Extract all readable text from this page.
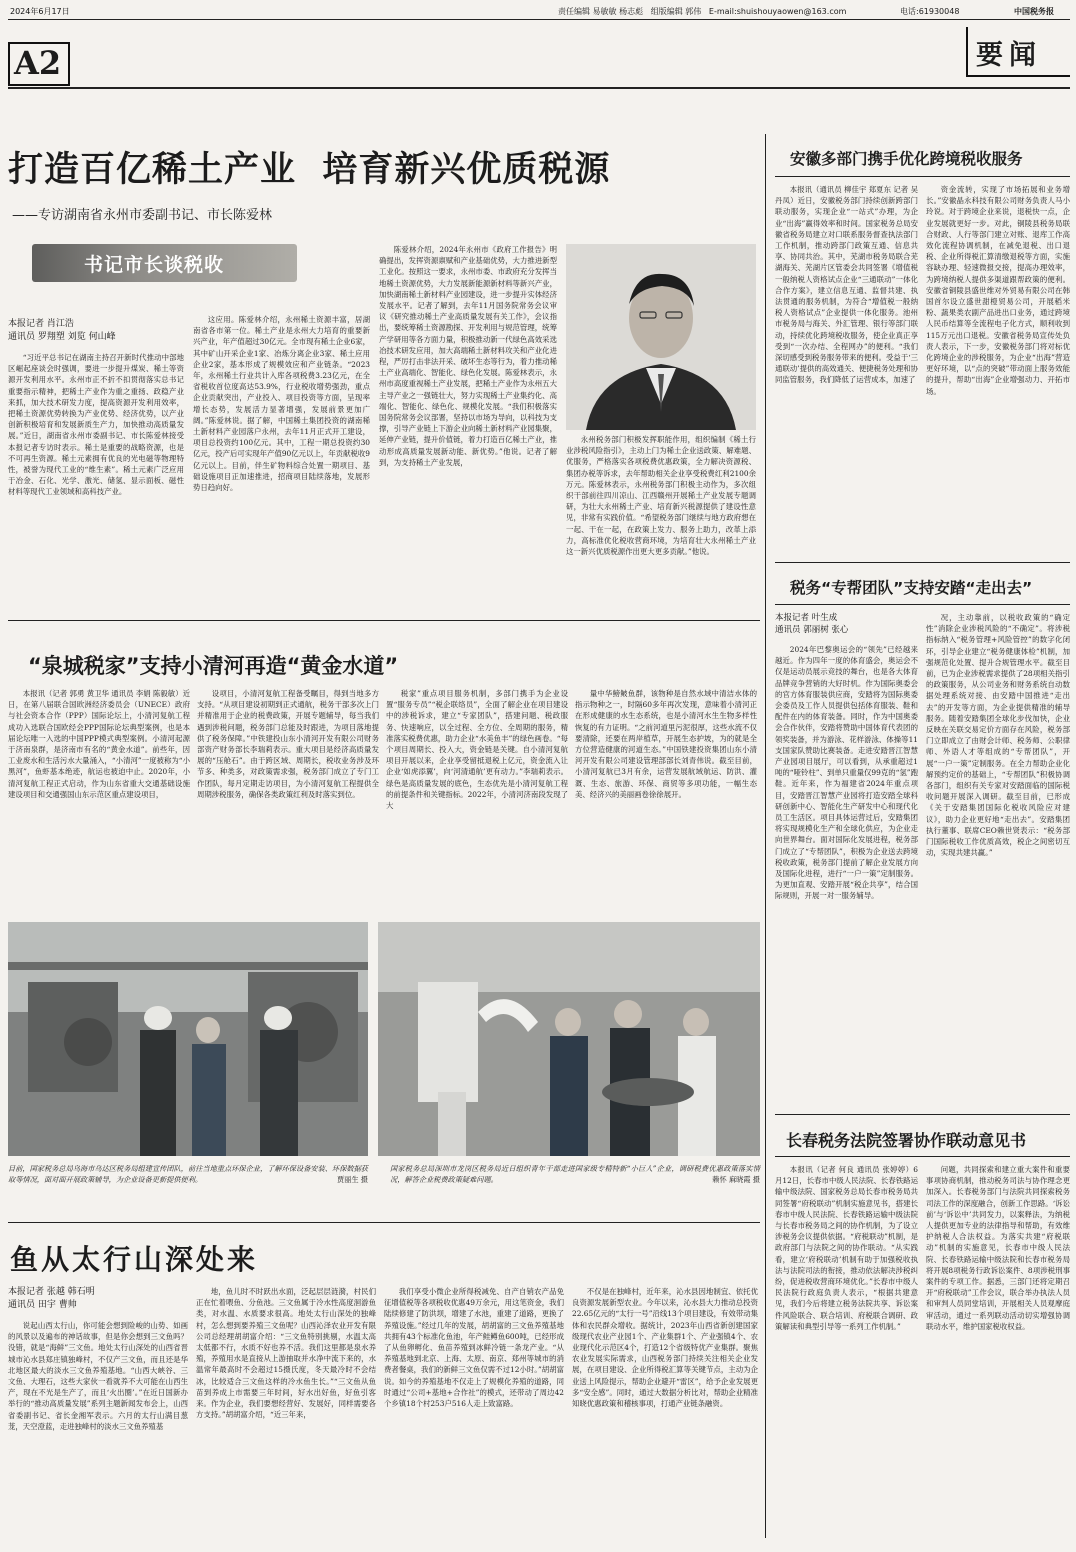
2024年6月17日	责任编辑 易敏敏 杨志彪 组版编辑 郭伟 E-mail:shuishouyaowen@163.com	电话:61930048	中国税务报
A2	要闻
打造百亿稀土产业  培育新兴优质税源
——专访湖南省永州市委副书记、市长陈爱林
书记市长谈税收
本报记者 肖江浩
通讯员 罗翔塑 刘览 何山峰

“习近平总书记在湖南主持召开新时代推动中部地区崛起座谈会时强调，要进一步提升煤炭、稀土等资源开发利用水平。永州市正不折不扣贯彻落实总书记重要指示精神，把稀土产业作为重之重扬、政稳产业来抓，加大技术研发力度，提高资源开发利用效率，把稀土资源优势转换为产业优势、经济优势，以产业创新积极培育和发展新质生产力，加快推动高质量发展。”近日，湖南省永州市委副书记、市长陈爱林接受本报记者专访时表示。稀土是重要的战略资源，也是不可再生资源。稀土元素拥有优良的光电磁等物理特性，被誉为现代工业的“维生素”。稀土元素广泛应用于冶金、石化、光学、激光、储氢、显示面板、磁性材料等现代工业领域和高科技产业。

这应用。陈爱林介绍，永州稀土资源丰富，居湖南省各市第一位。稀土产业是永州大力培育的重要新兴产业，年产值超过30亿元。全市现有稀土企业6家，其中矿山开采企业1家、冶炼分离企业3家、稀土应用企业2家，基本形成了规模效应和产业链条。“2023年，永州稀土行业共计入库各项税费3.23亿元，在全省税收首位度高达53.9%，行业税收增势强劲，重点企业贡献突出，产业投入、项目投资等方面，呈现率增长态势，发展活力显著增强，发展前景更加广阔。”陈爱林说。据了解，中国稀土集团投资的湖南稀土新材料产业园落户永州，去年11月正式开工建设，项目总投资约100亿元。其中，工程一期总投资约30亿元，投产后可实现年产值90亿元以上，年贡献税收9亿元以上。目前，伴生矿物料综合处置一期项目、基础设施项目正加速推进，招商项目陆续落地，发展形势日趋向好。

陈爱林介绍，2024年永州市《政府工作报告》明确提出，发挥资源禀赋和产业基础优势，大力推进新型工业化。按照这一要求，永州市委、市政府充分发挥当地稀土资源优势，大力发展新能源新材料等新兴产业，加快湖南稀土新材料产业园建设，进一步提升实体经济发展水平。记者了解到，去年11月国务院常务会议审议《研究推动稀土产业高质量发展有关工作》，会议指出，要统筹稀土资源勘探、开发利用与规范管理，统筹产学研用等各方面力量，积极推动新一代绿色高效采选冶技术研发应用，加大高端稀土新材料攻关和产业化进程，严厉打击非法开采、破坏生态等行为，着力推动稀土产业高端化、智能化、绿色化发展。陈爱林表示，永州市高度重视稀土产业发展，把稀土产业作为永州五大主导产业之一强链壮大，努力实现稀土产业集约化、高端化、智能化、绿色化、规模化发展。“我们积极落实国务院常务会议部署，坚持以市场为导向，以科技为支撑，引导产业链上下游企业向稀土新材料产业园集聚，延伸产业链，提升价值链，着力打造百亿稀土产业，推动形成高质量发展新动能、新优势。”他说。记者了解到，为支持稀土产业发展，

永州税务部门积极发挥职能作用，组织编制《稀土行业涉税风险指引》，主动上门为稀土企业送政策、解难题、优服务，严格落实各项税费优惠政策，全力解决资源税、集团办税等诉求，去年帮助相关企业享受税费红利2100余万元。陈爱林表示，永州税务部门积极主动作为，多次组织干部前往四川凉山、江西赣州开展稀土产业发展专题调研，为壮大永州稀土产业、培育新兴税源提供了建设性意见，非常有实践价值。“希望税务部门继续与地方政府想在一起、干在一起，在政策上发力、服务上助力，改革上添力，高标准优化税收营商环境，为培育壮大永州稀土产业这一新兴优质税源作出更大更多贡献。”他说。

安徽多部门携手优化跨境税收服务

本报讯（通讯员 柳佳宇 郑夏东 记者 吴丹凤）近日，安徽税务部门持续创新跨部门联动服务，实现企业“一站式”办理，为企业“出海”赢得效率和时间。国家税务总局安徽省税务局建立对口联系服务督查执法部门工作机制，推动跨部门政策互通、信息共享、协同共治。其中，芜湖市税务局联合芜湖海关、芜湖片区管委会共同签署《增值税一般纳税人资格试点企业“三通联动”一体化合作方案》，建立信息互通、监督共建、执法贯通的服务机制，为符合“增值税一般纳税人资格试点”企业提供一体化服务。池州市税务局与海关、外汇管理、银行等部门联动，持续优化跨境税收服务，使企业真正享受到“一次办结、全程网办”的便利。“我们深切感受到税务服务带来的便利。受益于‘三通联动’提供的高效通关、便捷税务处理和协同监管服务，我们降低了运营成本，加速了

资金流转，实现了市场拓展和业务增长。”安徽晶永科技有限公司财务负责人马小玲说。对于跨境企业来说，退税快一点，企业发展就更好一步。对此，铜陵县税务局联合财政、人行等部门建立对账、退库工作高效化流程协调机制，在减免退税、出口退税、企业所得税汇算清缴退税等方面，实施容缺办理、轻速微报交接，提高办理效率，为跨境纳税人提供多渠道跟帮政策的便利。安徽省铜陵县盛世维对外贸易有限公司在韩国首尔设立盛世甜橙贸易公司，开展稻米粉、蔬果类农副产品进出口业务，通过跨境人民币结算等全流程电子化方式，顺利收到115万元出口退税。安徽省税务局宣传处负责人表示，下一步，安徽税务部门将对标优化跨境企业的涉税服务，为企业“出海”营造更好环境，以“点的突破”带动面上服务效能的提升，帮助“出海”企业增强动力、开拓市场。

税务“专帮团队”支持安踏“走出去”
本报记者 叶生成
通讯员 郭丽树 张心

2024年巴黎奥运会的“领先”已经越来越近。作为四年一度的体育盛会，奥运会不仅是运动员展示竞技的舞台，也是各大体育品牌竞争营销的大好时机。作为国际奥委会的官方体育服装供应商，安踏将为国际奥委会委员及工作人员提供包括体育服装、鞋和配件在内的体育装备。同时，作为中国奥委会合作伙伴，安踏将赞助中国体育代表团的领奖装备，并为游泳、花样游泳、体操等11支国家队赞助比赛装备。走进安踏晋江智慧产业园项目展厅，可以看到，从承重超过1吨的“哑铃柱”、到单只重量仅99克的“氢”跑鞋。近年来，作为福建省2024年重点项目，安踏晋江智慧产业园将打造安踏全球科研创新中心、智能化生产研发中心和现代化员工生活区。项目具体运营过后，安踏集团将实现规模化生产和全球化供应，为企业走向世界舞台。面对国际化发展进程，税务部门成立了“专帮团队”，积极为企业送去跨境税收政策，税务部门提前了解企业发展方向及国际化进程，进行“一户一策”定制服务。为更加直观、安踏开展“税企共享”，结合国际规则，开展一对一服务辅导。

况，主动靠前，以税收政策的“确定性”消除企业涉税风险的“不确定”。将涉税指标纳入“税务管理+风险管控”的数字化闭环，引导企业建立“税务健康体检”机制，加强规范化处置、提升合规管理水平。截至目前，已为企业涉税需求提供了28项相关指引的政策服务，从公司业务和财务系统自动数据处理系统对接、由安踏中国推进“走出去”的开发等方面，为企业提供精准的辅导服务。随着安踏集团全球化步伐加快，企业反映在关联交易定价方面存在风险，税务部门立即成立了由财会计师、税务师、公职律师、外语人才等组成的“专帮团队”，开展“一户一策”定制服务。在全力帮助企业化解预约定价的基础上，“专帮团队”积极协调各部门，组织有关专家对安踏面临的国际税收问题开展深入调研。截至目前，已形成《关于安踏集团国际化税收风险应对建议》，助力企业更好地“走出去”。安踏集团执行董事、联席CEO赖世贤表示：“税务部门国际税收工作优质高效，税企之间密切互动，实现共建共赢。”

长春税务法院签署协作联动意见书

本报讯（记者 何良 通讯员 张婷婷）6月12日，长春市中级人民法院、长春铁路运输中级法院、国家税务总局长春市税务局共同签署“府税联动”机制实施意见书，搭建长春市中级人民法院、长春铁路运输中级法院与长春市税务局之间的协作机制，为了设立涉税务会议提供依据。“府税联动”机制，是政府部门与法院之间的协作联动。“从实践看，建立‘府税联动’机制有助于加强税收执法与法院司法的衔接，推动依法解决涉税纠纷，促进税收营商环境优化。”长春市中级人民法院行政庭负责人表示，“根据共建意见，我们今后将建立税务法院共享、诉讼案件风险联合、联合培训、府税联合调研、政策解读和典型引导等一系列工作机制。”

问题，共同探索和建立重大案件和重要事项协商机制，推动税务司法与协作理念更加深入。长春税务部门与法院共同探索税务司法工作的深度融合，创新工作思路。‘诉讼前’与‘诉讼中’共同发力，以案释法，为纳税人提供更加专业的法律指导和帮助，有效维护纳税人合法权益。为落实共建“府税联动”机制的实施意见，长春市中级人民法院、长春铁路运输中级法院和长春市税务局将开展8项税务行政诉讼案件、8项涉税刑事案件的专项工作。据悉，三部门还将定期召开“府税联动”工作会议，联合举办执法人员和审判人员同堂培训，开展相关人员观摩庭审活动，通过一系列联动活动切实增强协调联动水平，维护国家税收权益。

“泉城税家”支持小清河再造“黄金水道”

本报讯（记者 郭勇 黄卫华 通讯员 李娟 陈毅敏）近日，在第八届联合国欧洲经济委员会（UNECE）政府与社会资本合作（PPP）国际论坛上，小清河复航工程成功入选联合国欧经会PPP国际论坛典型案例，也是本届论坛唯一入选的中国PPP模式典型案例。小清河起源于济南泉群，是济南市有名的“黄金水道”。前些年，因工业废水和生活污水大量涌入，“小清河”一度被称为“小黑河”，鱼虾基本绝迹，航运也被迫中止。2020年，小清河复航工程正式启动，作为山东省重大交通基础设施建设项目和交通强国山东示范区重点建设项目，

设项目，小清河复航工程备受瞩目，得到当地多方支持。“从项目建设初期到正式通航，税务干部多次上门并精准用于企业的税费政策，开展专题辅导，每当我们遇到涉税问题，税务部门总能及时跟进，为项目落地提供了税务保障。”中铁建投山东小清河开发有限公司财务部资产财务部长李瑞莉表示。重大项目是经济高质量发展的“压舱石”。由于跨区域、周期长，税收业务涉及环节多、种类多，对政策需求强，税务部门成立了专门工作团队，每月定期走访项目，为小清河复航工程提供全周期涉税服务，确保各类政策红利及时落实到位。

税家”重点项目服务机制，多部门携手为企业设置“服务专员”“税企联络员”，全面了解企业在项目建设中的涉税诉求，建立“专家团队”，搭建问题、税政服务、快速响应，以全过程、全方位、全周期的服务，精准落实税费优惠，助力企业“水美鱼丰”的绿色画卷。“每个项目周期长、投入大，资金链是关键。自小清河复航项目开展以来，企业享受留抵退税上亿元，资金流入让企业‘如虎添翼’，向‘河清通航’更有动力。”李瑞莉表示。绿色是高质量发展的底色，生态优先是小清河复航工程的前提条件和关键指标。2022年，小清河济南段发现了大

量中华鳑鲏鱼群，该物种是自然水域中清洁水体的指示物种之一，时隔60多年再次发现，意味着小清河正在形成健康的水生态系统，也是小清河水生生物多样性恢复的有力证明。“之前河道里污泥很厚，这些水流不仅要清除，还要在两岸植草，开展生态护坡，为的就是全方位营造健康的河道生态。”中国铁建投资集团山东小清河开发有限公司建设管理部部长刘青伟说。截至目前，小清河复航已3月有余，运营发展航域航运、防洪、灌溉、生态、旅游、环保、商贸等多项功能，一幅生态美、经济兴的美丽画卷徐徐展开。

目前，国家税务总局乌海市乌达区税务局组建宣传团队，前往当地重点环保企业，了解环保设备安装、环保数据获取等情况，面对面开展政策辅导，为企业设备更新提供便利。	贾丽生 摄
国家税务总局深圳市龙岗区税务局近日组织青年干部走进国家级专精特新“小巨人”企业，调研税费优惠政策落实情况，解答企业税费政策疑难问题。	赖怀 麻晓霞 摄
鱼从太行山深处来
本报记者 张越 韩石明
通讯员 田宇 曹帅

说起山西太行山，你可能会想到险峻的山势、如画的风景以及遍布的神话故事，但是你会想到三文鱼吗？没错，就是“海鲜”三文鱼。地处太行山深处的山西省晋城市沁水县郑庄镇独峰村，不仅产三文鱼，而且还是华北地区最大的淡水三文鱼养殖基地。“山西大峡谷、三文鱼、大理石，这些大家伙一看就养不大可能在山西生产，现在不光是生产了，而且‘火出圈’。”在近日国新办举行的“推动高质量发展”系列主题新闻发布会上，山西省委副书记、省长金湘军表示。六月的太行山满目葱茏，天空澄蓝，走进独峰村的淡水三文鱼养殖基

地，鱼儿时不时跃出水面，泛起层层涟漪，村民们正在忙着喂鱼、分鱼池。三文鱼属于冷水性高度洄游鱼类，对水温、水质要求很高。地处太行山深处的独峰村，怎么想到要养殖三文鱼呢？山西沁泽农业开发有限公司总经理胡胡富介绍：“三文鱼特别挑剔，水温太高太低都不行，水质不好也养不活。我们这里都是泉水养殖，养殖用水是直接从上游抽取并水净中流下来的，水温常年最高时不会超过15摄氏度，冬天最冷时不会结冰，比较适合三文鱼这样的冷水鱼生长。”“三文鱼从鱼苗到养成上市需要三年时间，好水出好鱼，好鱼引客来。作为企业，我们要想经营好、发展好，同样需要各方支持。”胡胡富介绍，“近三年来，

我们享受小微企业所得税减免、自产自销农产品免征增值税等各项税收优惠49万余元，用这笔资金，我们陆续修建了防洪坝，增建了水池，重建了道路，更换了养殖设施。”经过几年的发展，胡胡富的三文鱼养殖基地共拥有43个标准化鱼池，年产鲑鳟鱼600吨，已经形成了从鱼卵孵化、鱼苗养殖到冰鲜冷链一条龙产业。“从养殖基地到北京、上海、太原、南京、郑州等城市的消费者餐桌，我们的新鲜三文鱼仅需不过12小时。”胡胡富说。如今的养殖基地不仅走上了规模化养殖的道路，同时通过“公司+基地+合作社”的模式，还带动了周边42个乡镇18个村253户516人走上致富路。

不仅是在独峰村，近年来，沁水县因地制宜、依托优良资源发展新型农业。今年以来，沁水县大力推动总投资22.65亿元的“太行一号”沿线13个项目建设，有效带动集体和农民群众增收。据统计，2023年山西省新创建国家级现代农业产业园1个、产业集群1个、产业强镇4个、农业现代化示范区4个，打造12个省级特优产业集群。聚焦农业发展实际需求，山西税务部门持续关注相关企业发展，在项目建设、企业所得税汇算等关键节点，主动为企业送上风险提示，帮助企业避开“雷区”，给予企业发展更多“安全感”。同时，通过大数据分析比对，帮助企业精准知晓优惠政策和稽核事项，打通产业链条融资。
